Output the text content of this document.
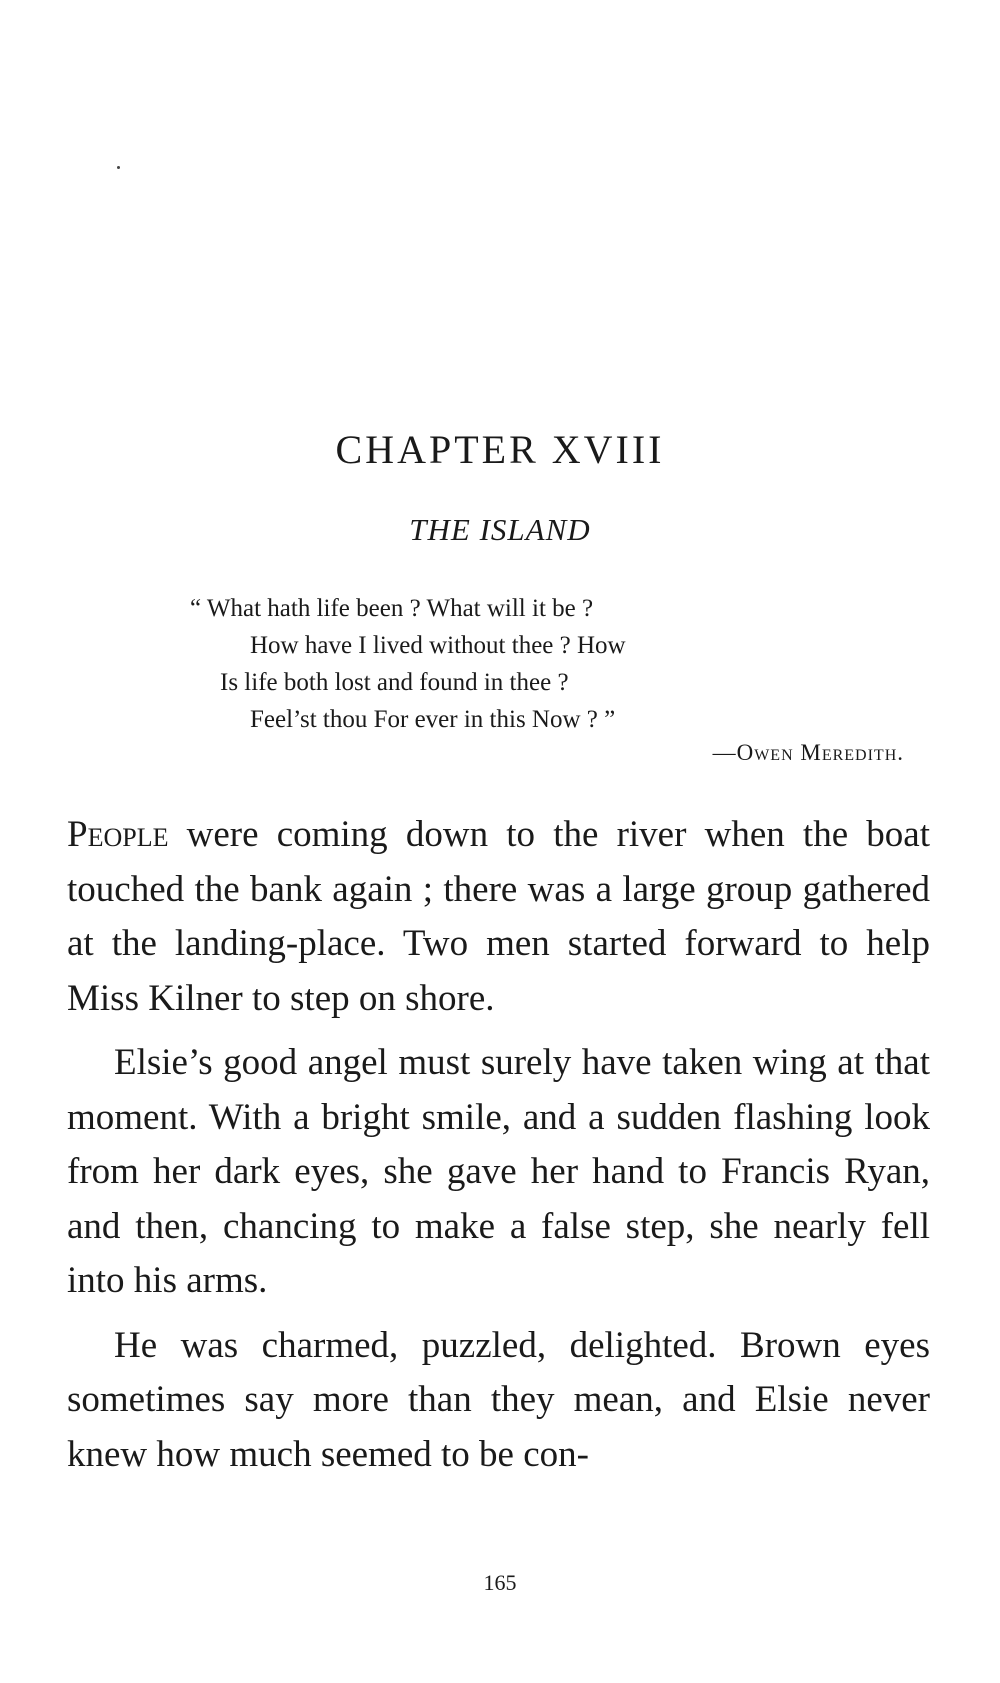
CHAPTER XVIII
THE ISLAND
“ What hath life been ? What will it be ?
How have I lived without thee ? How
Is life both lost and found in thee ?
Feel’st thou For ever in this Now ? ”
—Owen Meredith.

People were coming down to the river when the boat touched the bank again ; there was a large group gathered at the landing-place. Two men started forward to help Miss Kilner to step on shore.

Elsie’s good angel must surely have taken wing at that moment. With a bright smile, and a sudden flashing look from her dark eyes, she gave her hand to Francis Ryan, and then, chancing to make a false step, she nearly fell into his arms.

He was charmed, puzzled, delighted. Brown eyes sometimes say more than they mean, and Elsie never knew how much seemed to be con-

165
